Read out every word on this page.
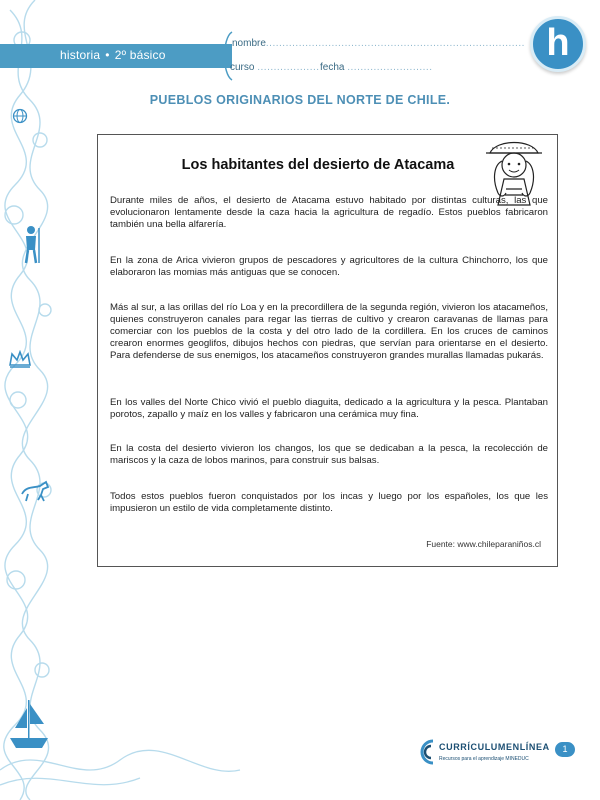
historia • 2º básico
nombre...............................................................................
curso ................... fecha ..........................
h
PUEBLOS ORIGINARIOS DEL NORTE DE CHILE.
Los habitantes del desierto de Atacama

Durante miles de años, el desierto de Atacama estuvo habitado por distintas culturas, las que evolucionaron lentamente desde la caza hacia la agricultura de regadío. Estos pueblos fabricaron también una bella alfarería.

En la zona de Arica vivieron grupos de pescadores y agricultores de la cultura Chinchorro, los que elaboraron las momias más antiguas que se conocen.

Más al sur, a las orillas del río Loa y en la precordillera de la segunda región, vivieron los atacameños, quienes construyeron canales para regar las tierras de cultivo y crearon caravanas de llamas para comerciar con los pueblos de la costa y del otro lado de la cordillera. En los cruces de caminos crearon enormes geoglifos, dibujos hechos con piedras, que servían para orientarse en el desierto. Para defenderse de sus enemigos, los atacameños construyeron grandes murallas llamadas pukarás.

En los valles del Norte Chico vivió el pueblo diaguita, dedicado a la agricultura y la pesca. Plantaban porotos, zapallo y maíz en los valles y fabricaron una cerámica muy fina.

En la costa del desierto vivieron los changos, los que se dedicaban a la pesca, la recolección de mariscos y la caza de lobos marinos, para construir sus balsas.

Todos estos pueblos fueron conquistados por los incas y luego por los españoles, los que les impusieron un estilo de vida completamente distinto.

Fuente: www.chileparaniños.cl
CURRÍCULUMENLÍNEA
Recursos para el aprendizaje MINEDUC
1
